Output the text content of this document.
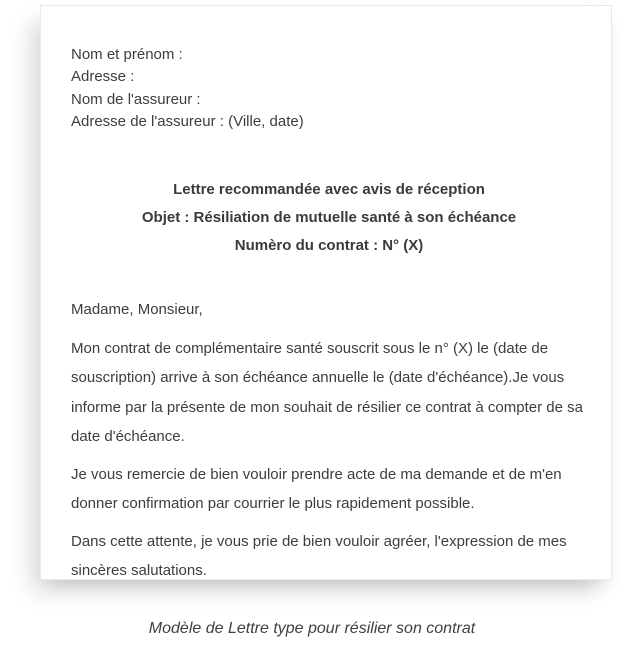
Nom et prénom :
Adresse :
Nom de l'assureur :
Adresse de l'assureur : (Ville, date)
Lettre recommandée avec avis de réception
Objet : Résiliation de mutuelle santé à son échéance
Numèro du contrat : N° (X)
Madame, Monsieur,

Mon contrat de complémentaire santé souscrit sous le n° (X) le (date de souscription) arrive à son échéance annuelle le (date d'échéance).Je vous informe par la présente de mon souhait de résilier ce contrat à compter de sa date d'échéance.

Je vous remercie de bien vouloir prendre acte de ma demande et de m'en donner confirmation par courrier le plus rapidement possible.

Dans cette attente, je vous prie de bien vouloir agréer, l'expression de mes sincères salutations.

Modèle de Lettre type pour résilier son contrat
